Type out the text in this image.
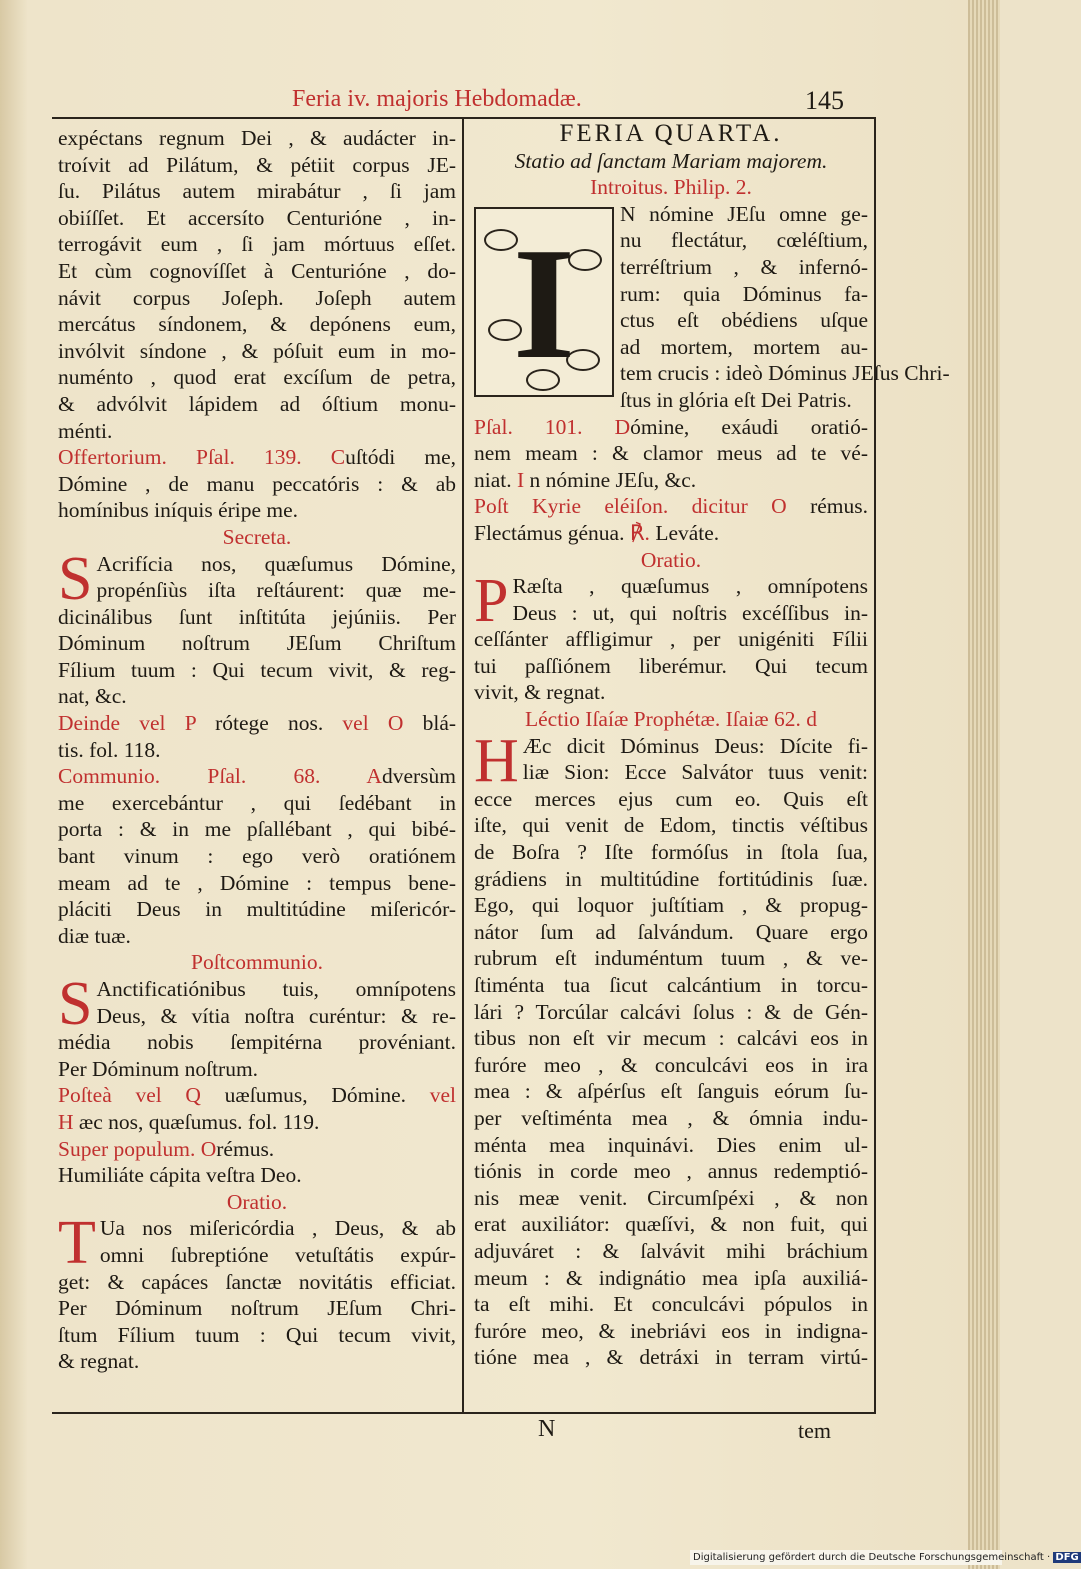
Feria iv. majoris Hebdomadæ.	145
expéctans regnum Dei , & audácter in-
troívit ad Pilátum, & pétiit corpus JE-
ſu. Pilátus autem mirabátur , ſi jam
obiíſſet. Et accersíto Centurióne , in-
terrogávit eum , ſi jam mórtuus eſſet.
Et cùm cognovíſſet à Centurióne , do-
návit corpus Joſeph. Joſeph autem
mercátus síndonem, & depónens eum,
invólvit síndone , & póſuit eum in mo-
numénto , quod erat excíſum de petra,
& advólvit lápidem ad óſtium monu-
ménti.
Offertorium. Pſal. 139. Cuſtódi me,
Dómine , de manu peccatóris : & ab
homínibus iníquis éripe me.
Secreta.
S Acrifícia nos, quæſumus Dómine,
propénſiùs iſta reſtáurent: quæ me-
dicinálibus ſunt inſtitúta jejúniis. Per
Dóminum noſtrum JEſum Chriſtum
Fílium tuum : Qui tecum vivit, & reg-
nat, &c.
Deinde vel P rótege nos. vel O blá-
tis. fol. 118.
Communio. Pſal. 68. Adversùm
me exercebántur , qui ſedébant in
porta : & in me pſallébant , qui bibé-
bant vinum : ego verò oratiónem
meam ad te , Dómine : tempus bene-
pláciti Deus in multitúdine miſericór-
diæ tuæ.
Poſtcommunio.
S Anctificatiónibus tuis, omnípotens
Deus, & vítia noſtra curéntur: & re-
média nobis ſempitérna provéniant.
Per Dóminum noſtrum.
Poſteà vel Q uæſumus, Dómine. vel
H æc nos, quæſumus. fol. 119.
Super populum. Orémus.
Humiliáte cápita veſtra Deo.
Oratio.
T Ua nos miſericórdia , Deus, & ab
omni ſubreptióne vetuſtátis expúr-
get: & capáces ſanctæ novitátis efficiat.
Per Dóminum noſtrum JEſum Chri-
ſtum Fílium tuum : Qui tecum vivit,
& regnat.
FERIA QUARTA.
Statio ad ſanctam Mariam majorem.
Introitus. Philip. 2.
I	N nómine JEſu omne ge-
nu flectátur, cœléſtium,
terréſtrium , & infernó-
rum: quia Dóminus fa-
ctus eſt obédiens uſque
ad mortem, mortem au-
tem crucis : ideò Dóminus JEſus Chri-
ſtus in glória eſt Dei Patris.
Pſal. 101. Dómine, exáudi oratió-
nem meam : & clamor meus ad te vé-
niat. I n nómine JEſu, &c.
Poſt Kyrie eléiſon. dicitur O rémus.
Flectámus génua. ℟. Leváte.
Oratio.
P Ræſta , quæſumus , omnípotens
Deus : ut, qui noſtris excéſſibus in-
ceſſánter affligimur , per unigéniti Fílii
tui paſſiónem liberémur. Qui tecum
vivit, & regnat.
Léctio Iſaíæ Prophétæ. Iſaiæ 62. d
H Æc dicit Dóminus Deus: Dícite fi-
liæ Sion: Ecce Salvátor tuus venit:
ecce merces ejus cum eo. Quis eſt
iſte, qui venit de Edom, tinctis véſtibus
de Boſra ? Iſte formóſus in ſtola ſua,
grádiens in multitúdine fortitúdinis ſuæ.
Ego, qui loquor juſtítiam , & propug-
nátor ſum ad ſalvándum. Quare ergo
rubrum eſt induméntum tuum , & ve-
ſtiménta tua ſicut calcántium in torcu-
lári ? Torcúlar calcávi ſolus : & de Gén-
tibus non eſt vir mecum : calcávi eos in
furóre meo , & conculcávi eos in ira
mea : & aſpérſus eſt ſanguis eórum ſu-
per veſtiménta mea , & ómnia indu-
ménta mea inquinávi. Dies enim ul-
tiónis in corde meo , annus redemptió-
nis meæ venit. Circumſpéxi , & non
erat auxiliátor: quæſívi, & non fuit, qui
adjuváret : & ſalvávit mihi bráchium
meum : & indignátio mea ipſa auxiliá-
ta eſt mihi. Et conculcávi pópulos in
furóre meo, & inebriávi eos in indigna-
tióne mea , & detráxi in terram virtú-
N	tem
Digitalisierung gefördert durch die Deutsche Forschungsgemeinschaft · DFG
